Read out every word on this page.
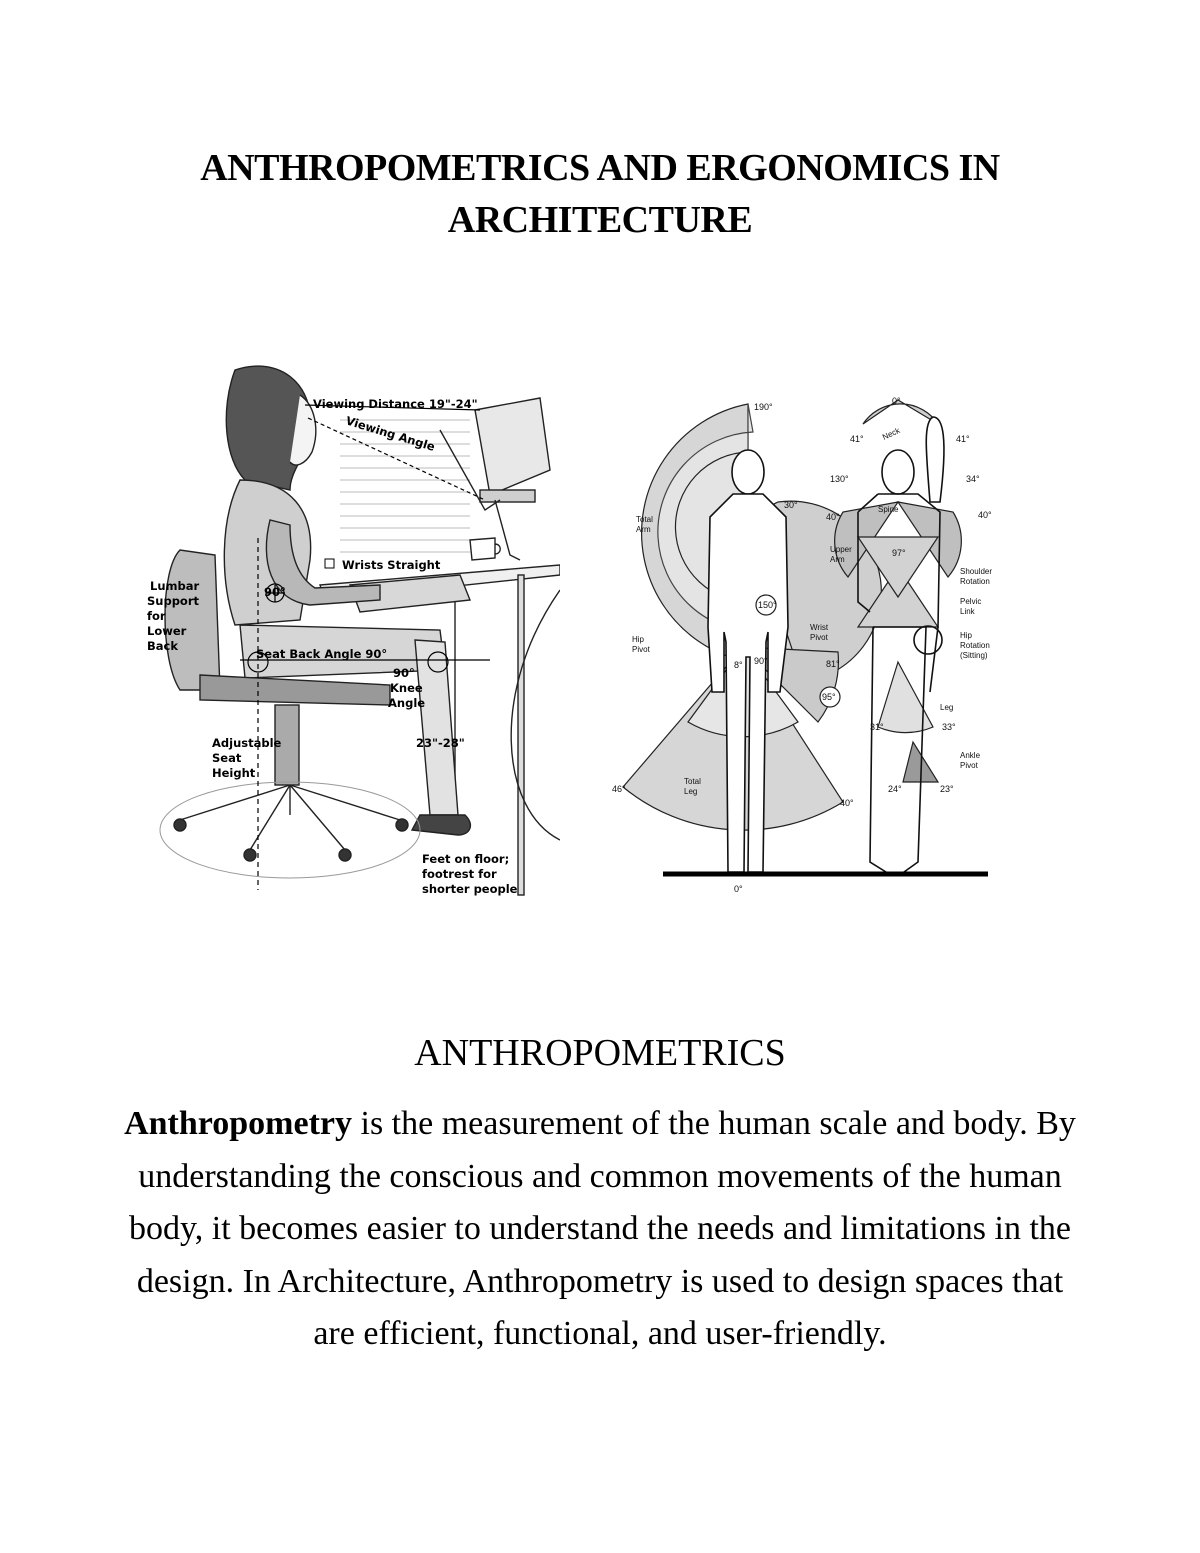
ANTHROPOMETRICS AND ERGONOMICS IN
ARCHITECTURE
Viewing Distance 19"-24"
Viewing Angle
Wrists Straight
Lumbar
Support
for
Lower
Back
90°
Seat Back Angle 90°
90°
Knee
Angle
Adjustable
Seat
Height
23"-28"
Feet on floor;
footrest for
shorter people
190°
30°
150°
8° 90°	81°
95°
46°
40°
0°
0°
41°	41°
34°
130°
40°	40°
97°
31°	33°
24°	23°
Total
Arm
Hip
Pivot
Wrist
Pivot
Total
Leg
Neck
Spine
Upper
Arm
Shoulder
Rotation
Pelvic
Link
Hip
Rotation
(Sitting)
Leg
Ankle
Pivot
ANTHROPOMETRICS
Anthropometry is the measurement of the human scale and body. By understanding the conscious and common movements of the human body, it becomes easier to understand the needs and limitations in the design. In Architecture, Anthropometry is used to design spaces that are efficient, functional, and user-friendly.
